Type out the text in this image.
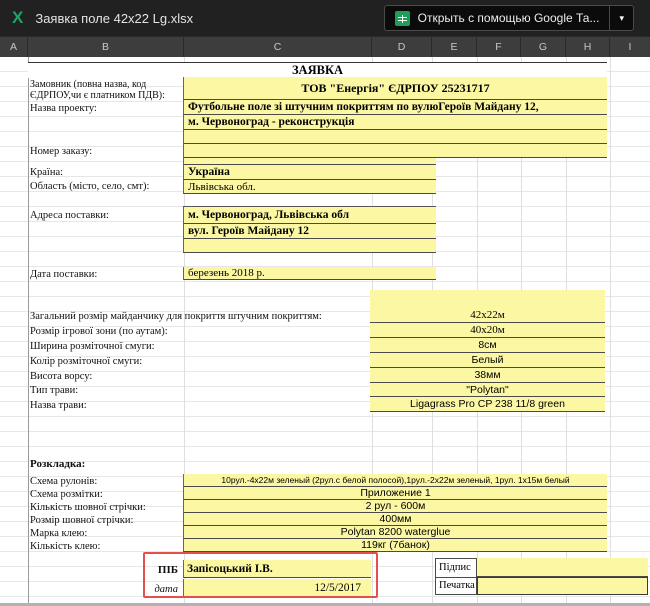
X Заявка поле 42x22 Lg.xlsx	Открыть с помощью Google Та...	▾
A	B	C	D	E	F	G	H	I
ЗАЯВКА
Замовник (повна назва, код
ЄДРПОУ,чи є платником ПДВ):
ТОВ "Енергія" ЄДРПОУ 25231717
Назва проекту:	Футбольне поле зі штучним покриттям по вулюГероїв Майдану 12,
м. Червоноград - реконструкція
Номер заказу:
Країна:	Україна
Область (місто, село, смт):	Львівська обл.
Адреса поставки:	м. Червоноград, Львівська обл
вул. Героїв Майдану 12
Дата поставки:	березень 2018 р.
Загальний розмір майданчику для покриття штучним покриттям:	42х22м
Розмір ігрової зони (по аутам):	40х20м
Ширина розміточної смуги:	8см
Колір розміточної смуги:	Белый
Висота ворсу:	38мм
Тип трави:	"Polytan"
Назва трави:	Ligagrass Pro CP 238 11/8 green
Розкладка:
Схема рулонів:	10рул.-4х22м зеленый (2рул.с белой полосой),1рул.-2х22м зеленый, 1рул. 1х15м белый
Схема розмітки:	Приложение 1
Кількість шовної стрічки:	2 рул - 600м
Розмір шовної стрічки:	400мм
Марка клею:	Polytan 8200 waterglue
Кількість клею:	119кг (7банок)
ПІБ Запісоцький І.В.
дата	12/5/2017
Підпис
Печатка
